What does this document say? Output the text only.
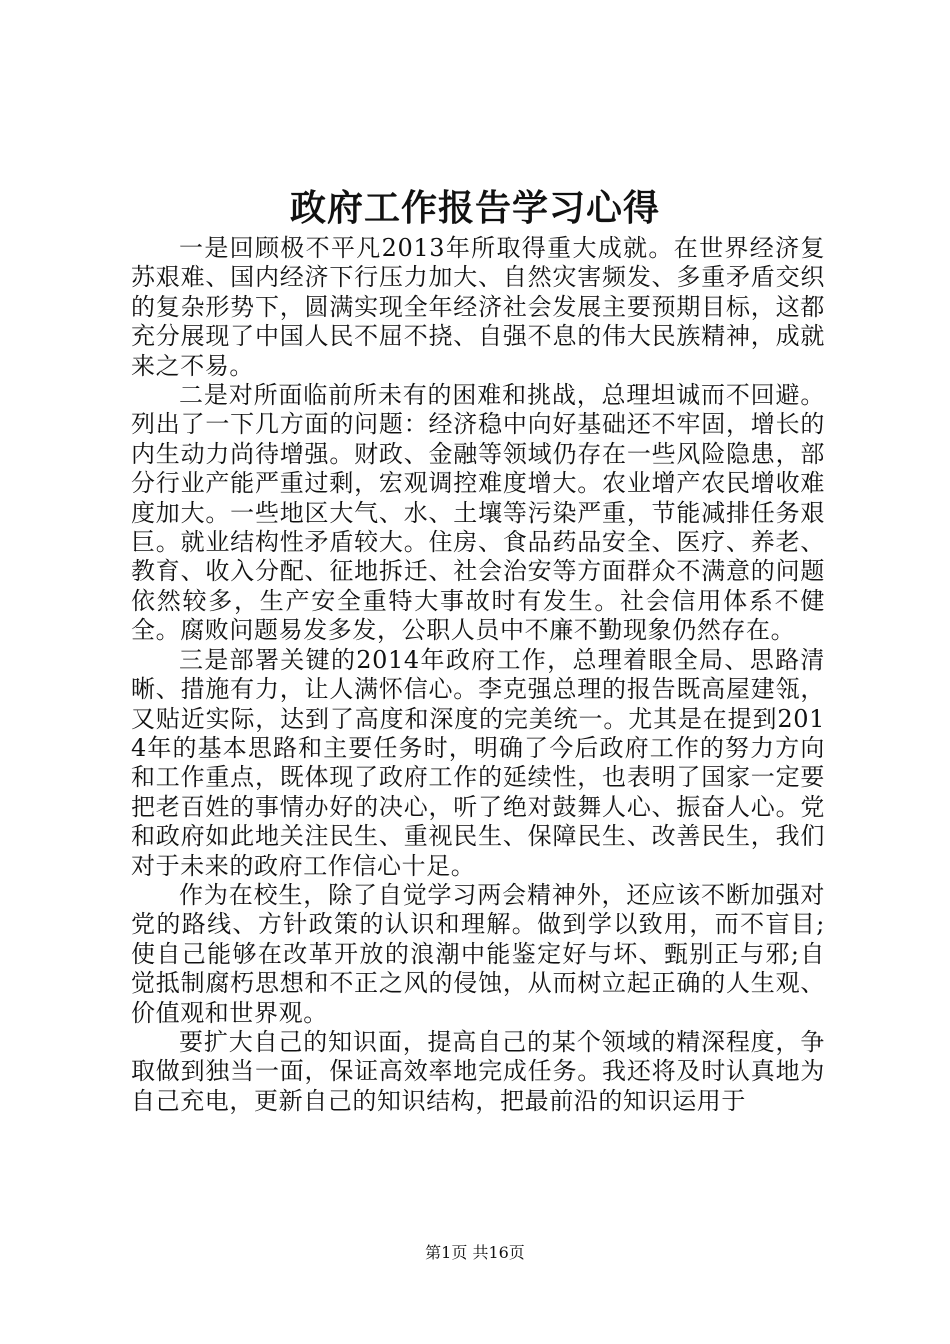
政府工作报告学习心得

一是回顾极不平凡2013年所取得重大成就。在世界经济复苏艰难、国内经济下行压力加大、自然灾害频发、多重矛盾交织的复杂形势下，圆满实现全年经济社会发展主要预期目标，这都充分展现了中国人民不屈不挠、自强不息的伟大民族精神，成就来之不易。

二是对所面临前所未有的困难和挑战，总理坦诚而不回避。列出了一下几方面的问题：经济稳中向好基础还不牢固，增长的内生动力尚待增强。财政、金融等领域仍存在一些风险隐患，部分行业产能严重过剩，宏观调控难度增大。农业增产农民增收难度加大。一些地区大气、水、土壤等污染严重，节能减排任务艰巨。就业结构性矛盾较大。住房、食品药品安全、医疗、养老、教育、收入分配、征地拆迁、社会治安等方面群众不满意的问题依然较多，生产安全重特大事故时有发生。社会信用体系不健全。腐败问题易发多发，公职人员中不廉不勤现象仍然存在。

三是部署关键的2014年政府工作，总理着眼全局、思路清晰、措施有力，让人满怀信心。李克强总理的报告既高屋建瓴，又贴近实际，达到了高度和深度的完美统一。尤其是在提到2014年的基本思路和主要任务时，明确了今后政府工作的努力方向和工作重点，既体现了政府工作的延续性，也表明了国家一定要把老百姓的事情办好的决心，听了绝对鼓舞人心、振奋人心。党和政府如此地关注民生、重视民生、保障民生、改善民生，我们对于未来的政府工作信心十足。

作为在校生，除了自觉学习两会精神外，还应该不断加强对党的路线、方针政策的认识和理解。做到学以致用，而不盲目;使自己能够在改革开放的浪潮中能鉴定好与坏、甄别正与邪;自觉抵制腐朽思想和不正之风的侵蚀，从而树立起正确的人生观、价值观和世界观。

要扩大自己的知识面，提高自己的某个领域的精深程度，争取做到独当一面，保证高效率地完成任务。我还将及时认真地为自己充电，更新自己的知识结构，把最前沿的知识运用于

第1页 共16页
